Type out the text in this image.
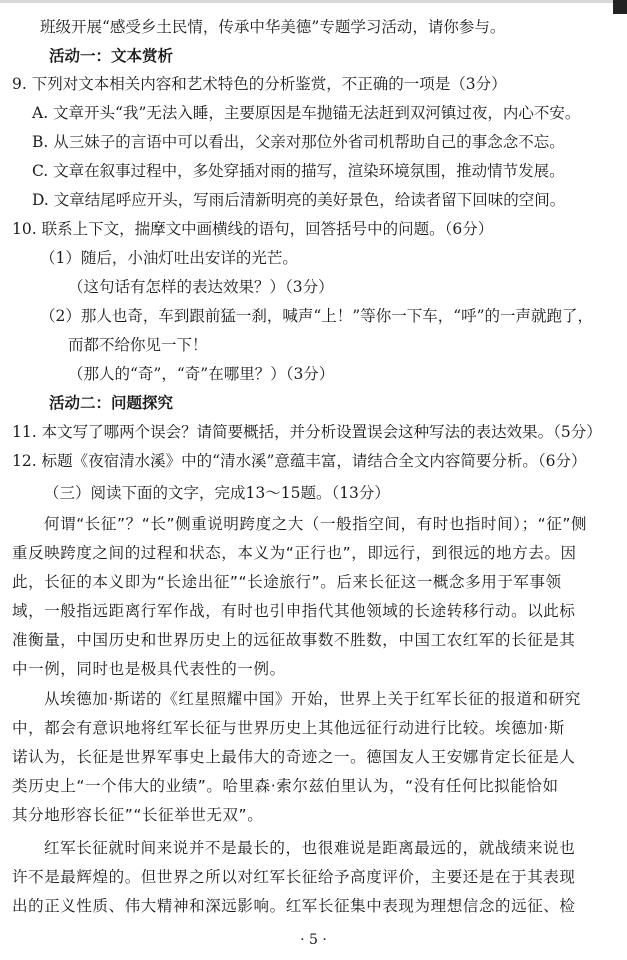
班级开展“感受乡土民情，传承中华美德”专题学习活动，请你参与。
活动一：文本赏析
9. 下列对文本相关内容和艺术特色的分析鉴赏，不正确的一项是（3分）
A. 文章开头“我”无法入睡，主要原因是车抛锚无法赶到双河镇过夜，内心不安。
B. 从三妹子的言语中可以看出，父亲对那位外省司机帮助自己的事念念不忘。
C. 文章在叙事过程中，多处穿插对雨的描写，渲染环境氛围，推动情节发展。
D. 文章结尾呼应开头，写雨后清新明亮的美好景色，给读者留下回味的空间。
10. 联系上下文，揣摩文中画横线的语句，回答括号中的问题。（6分）
（1）随后，小油灯吐出安详的光芒。
（这句话有怎样的表达效果？）（3分）
（2）那人也奇，车到跟前猛一刹，喊声“上！”等你一下车，“呼”的一声就跑了，
而都不给你见一下！
（那人的“奇”，“奇”在哪里？）（3分）
活动二：问题探究
11. 本文写了哪两个误会？请简要概括，并分析设置误会这种写法的表达效果。（5分）
12. 标题《夜宿清水溪》中的“清水溪”意蕴丰富，请结合全文内容简要分析。（6分）
（三）阅读下面的文字，完成13～15题。（13分）
何谓“长征”？“长”侧重说明跨度之大（一般指空间，有时也指时间）；“征”侧
重反映跨度之间的过程和状态，本义为“正行也”，即远行，到很远的地方去。因
此，长征的本义即为“长途出征”“长途旅行”。后来长征这一概念多用于军事领
域，一般指远距离行军作战，有时也引申指代其他领域的长途转移行动。以此标
准衡量，中国历史和世界历史上的远征故事数不胜数，中国工农红军的长征是其
中一例，同时也是极具代表性的一例。
从埃德加·斯诺的《红星照耀中国》开始，世界上关于红军长征的报道和研究
中，都会有意识地将红军长征与世界历史上其他远征行动进行比较。埃德加·斯
诺认为，长征是世界军事史上最伟大的奇迹之一。德国友人王安娜肯定长征是人
类历史上“一个伟大的业绩”。哈里森·索尔兹伯里认为，“没有任何比拟能恰如
其分地形容长征”“长征举世无双”。
红军长征就时间来说并不是最长的，也很难说是距离最远的，就战绩来说也
许不是最辉煌的。但世界之所以对红军长征给予高度评价，主要还是在于其表现
出的正义性质、伟大精神和深远影响。红军长征集中表现为理想信念的远征、检
· 5 ·
